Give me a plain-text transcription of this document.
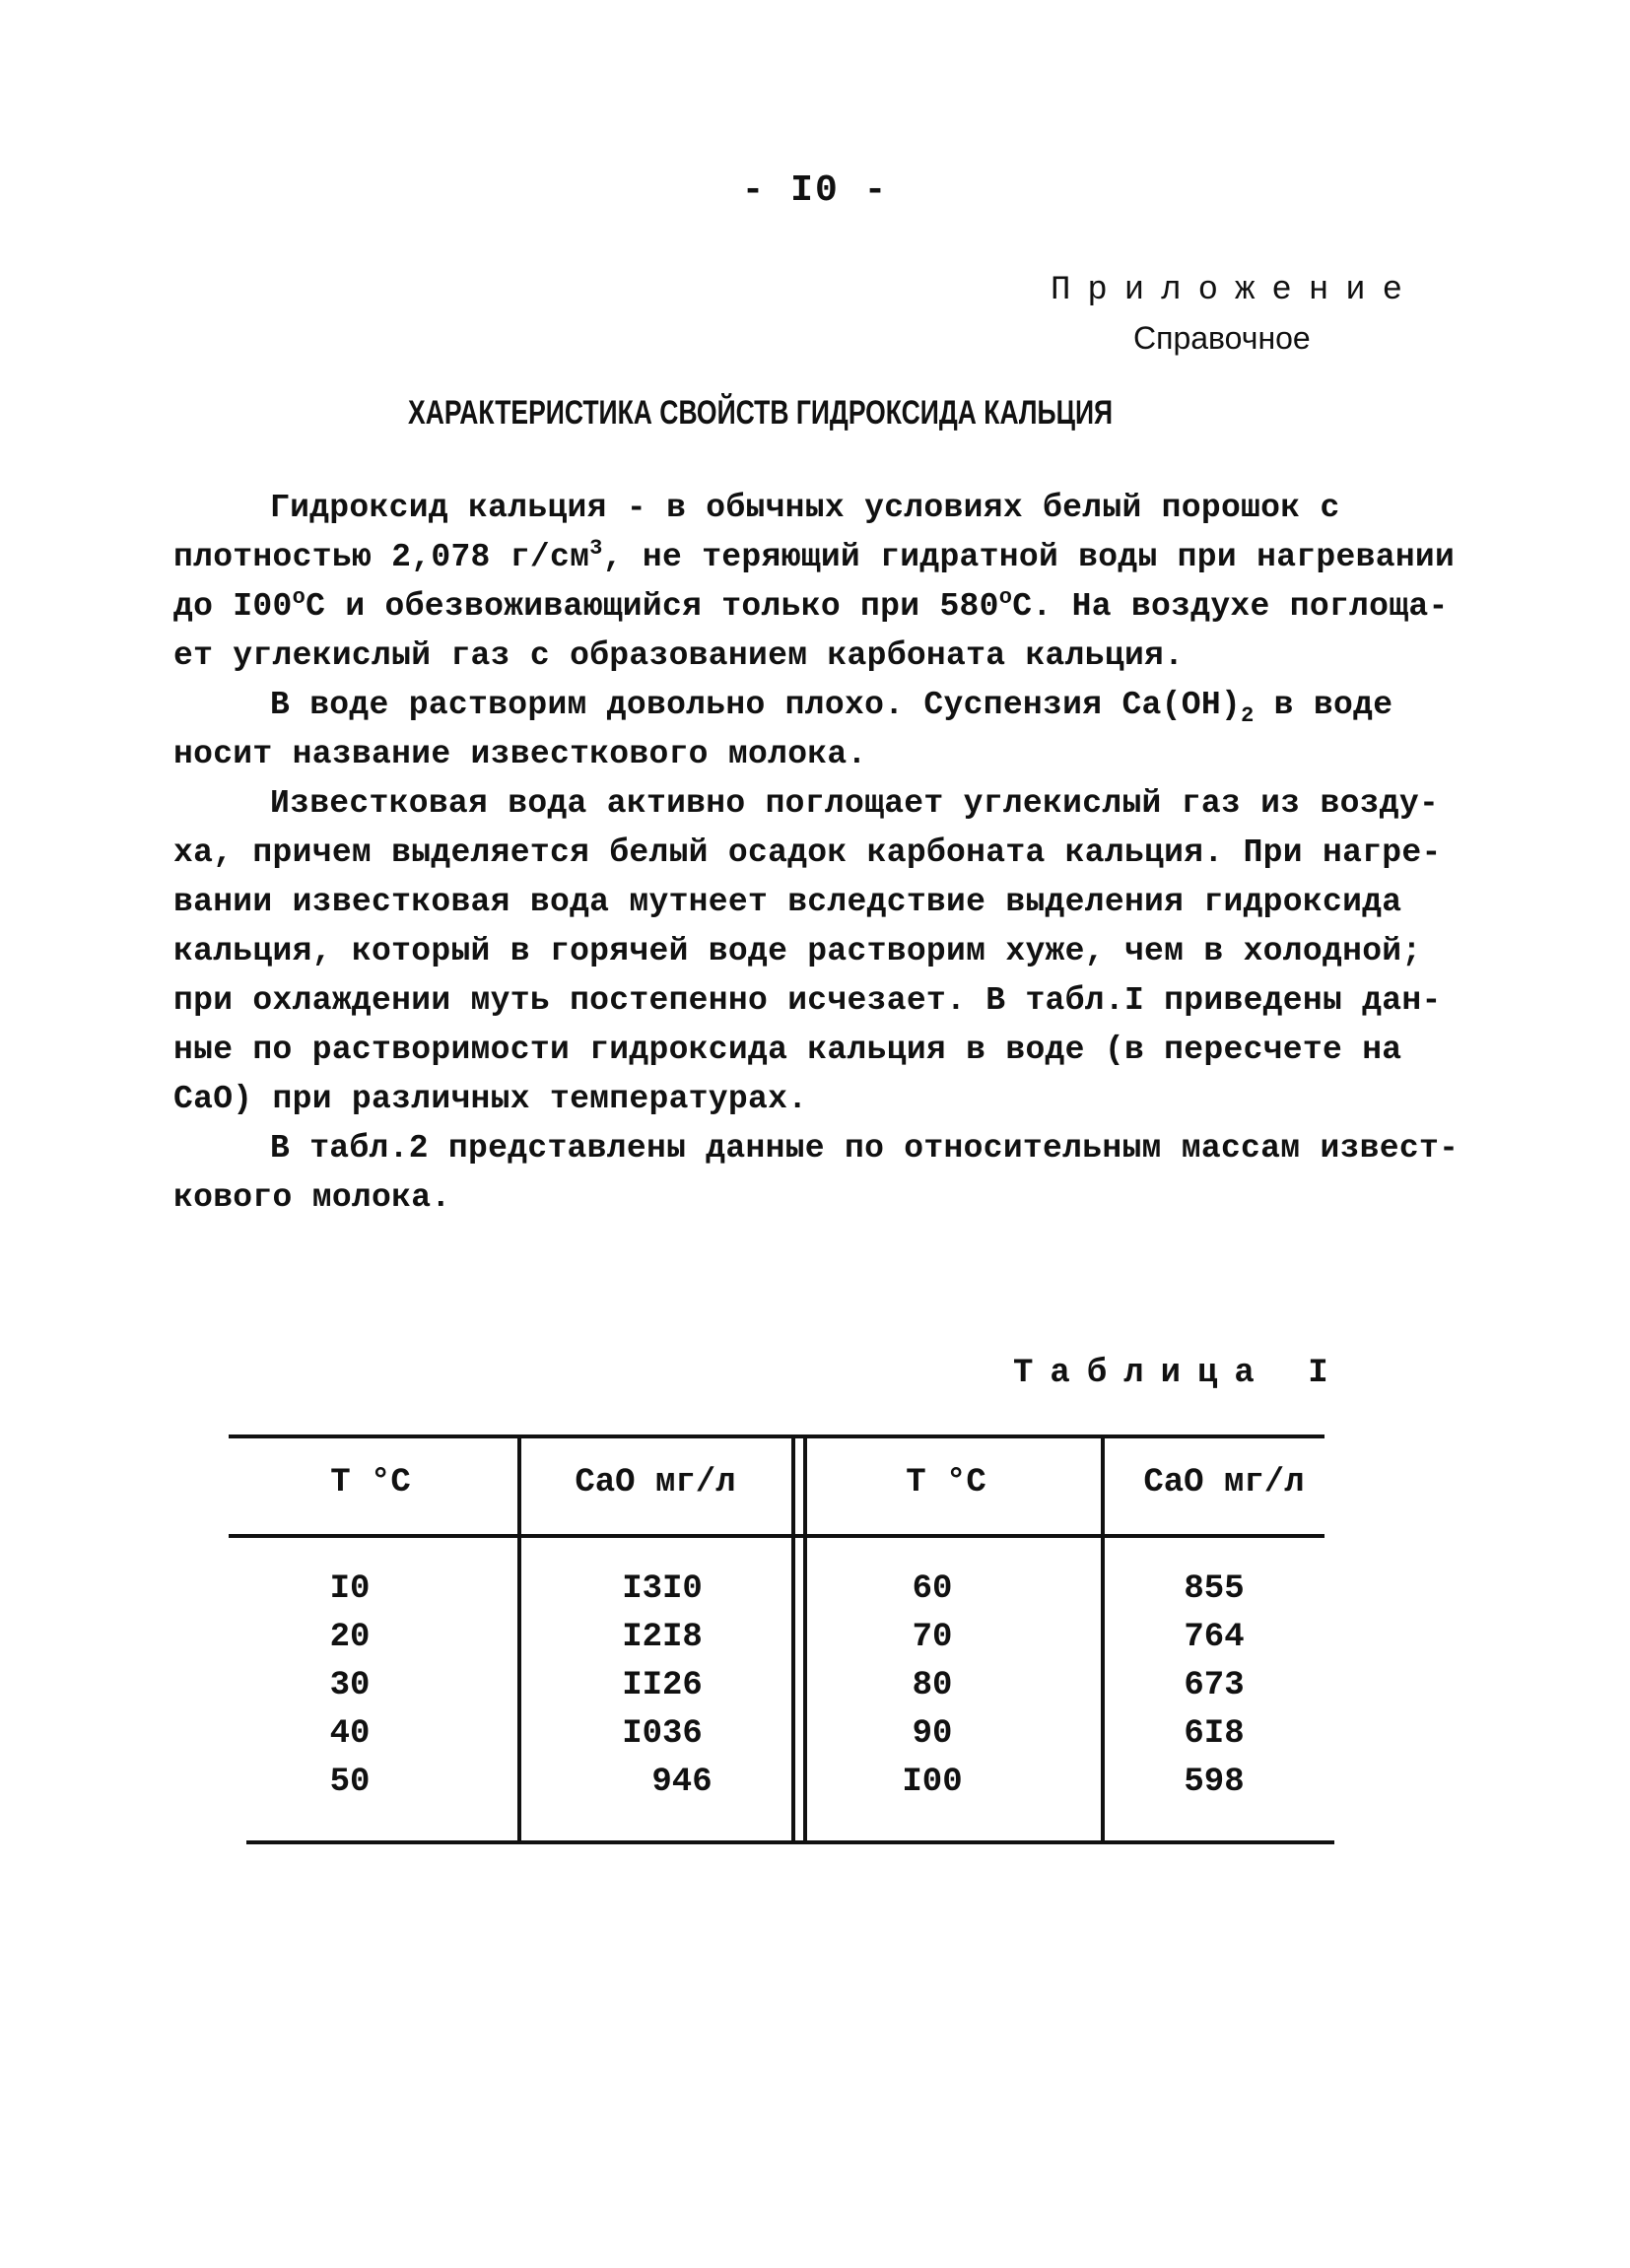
- I0 -
Приложение
Справочное
ХАРАКТЕРИСТИКА СВОЙСТВ ГИДРОКСИДА КАЛЬЦИЯ
Гидроксид кальция - в обычных условиях белый порошок с
плотностью 2,078 $г/см^3$, не теряющий гидратной воды при нагревании
до I00$^o$C и обезвоживающийся только при 580$^o$C. На воздухе поглоща-
ет углекислый газ с образованием карбоната кальция.
В воде растворим довольно плохо. Суспензия $Ca(OH)_2$ в воде
носит название известкового молока.
Известковая вода активно поглощает углекислый газ из возду-
ха, причем выделяется белый осадок карбоната кальция. При нагре-
вании известковая вода мутнеет вследствие выделения гидроксида
кальция, который в горячей воде растворим хуже, чем в холодной;
при охлаждении муть постепенно исчезает. В табл.I приведены дан-
ные по растворимости гидроксида кальция в воде (в пересчете на
CaO) при различных температурах.
В табл.2 представлены данные по относительным массам извест-
кового молока.
Таблица I
Т °С	СаО мг/л	Т °С	СаО мг/л
I0	I3I0	60	855
20	I2I8	70	764
30	II26	80	673
40	I036	90	6I8
50	946	I00	598
